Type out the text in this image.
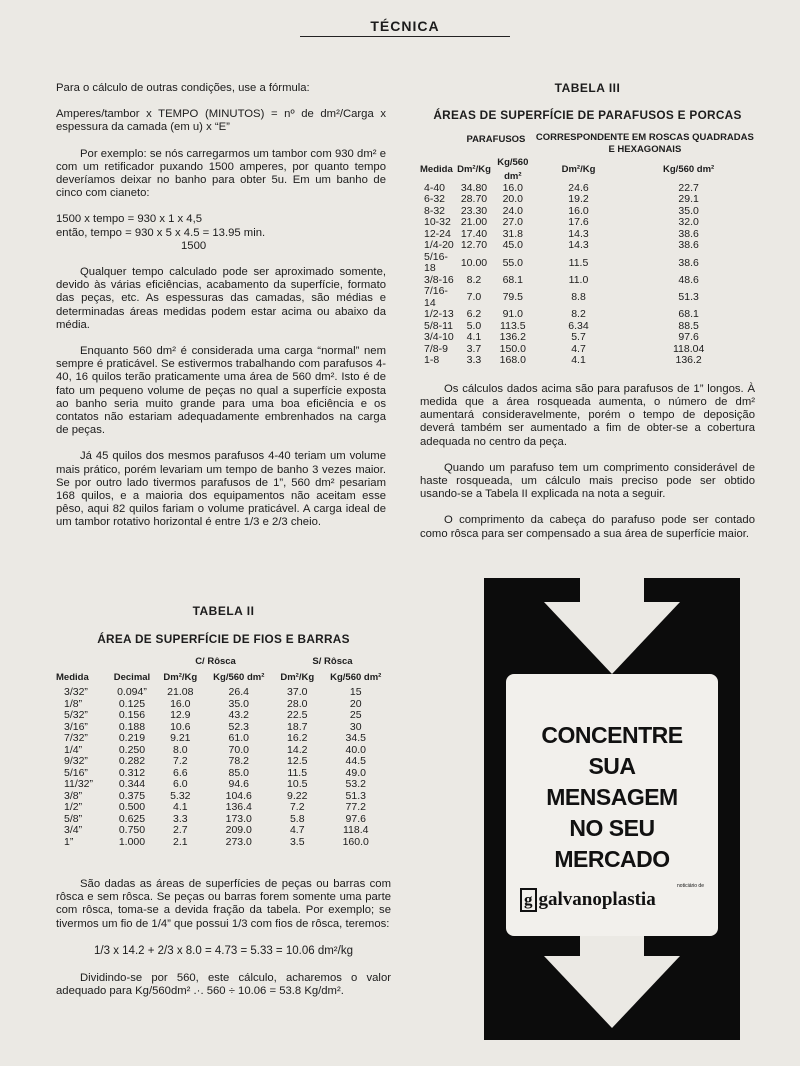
TÉCNICA

Para o cálculo de outras condições, use a fórmula:

Amperes/tambor x TEMPO (MINUTOS) = nº de dm²/Carga x espessura da camada (em u) x “E”

Por exemplo: se nós carregarmos um tambor com 930 dm² e com um retificador puxando 1500 amperes, por quanto tempo deveríamos deixar no banho para obter 5u. Em um banho de cinco com cianeto:

1500 x tempo = 930 x 1 x 4,5
então, tempo = 930 x 5 x 4.5 = 13.95 min.

1500

Qualquer tempo calculado pode ser aproximado somente, devido às várias eficiências, acabamento da superfície, formato das peças, etc. As espessuras das camadas, são médias e determinadas áreas medidas podem estar acima ou abaixo da média.

Enquanto 560 dm² é considerada uma carga “normal” nem sempre é praticável. Se estivermos trabalhando com parafusos 4-40, 16 quilos terão praticamente uma área de 560 dm². Isto é de fato um pequeno volume de peças no qual a superfície exposta ao banho seria muito grande para uma boa eficiência e os contatos não estariam adequadamente embrenhados na carga de peças.

Já 45 quilos dos mesmos parafusos 4-40 teriam um volume mais prático, porém levariam um tempo de banho 3 vezes maior. Se por outro lado tivermos parafusos de 1”, 560 dm² pesariam 168 quilos, e a maioria dos equipamentos não aceitam esse pêso, aqui 82 quilos fariam o volume praticável. A carga ideal de um tambor rotativo horizontal é entre 1/3 e 2/3 cheio.

TABELA III
ÁREAS DE SUPERFÍCIE DE PARAFUSOS E PORCAS
	PARAFUSOS		CORRESPONDENTE EM ROSCAS QUADRADAS E HEXAGONAIS	
Medida	Dm²/Kg	Kg/560 dm²	Dm²/Kg	Kg/560 dm²
4-40	34.80	16.0	24.6	22.7
6-32	28.70	20.0	19.2	29.1
8-32	23.30	24.0	16.0	35.0
10-32	21.00	27.0	17.6	32.0
12-24	17.40	31.8	14.3	38.6
1/4-20	12.70	45.0	14.3	38.6
5/16-18	10.00	55.0	11.5	38.6
3/8-16	8.2	68.1	11.0	48.6
7/16-14	7.0	79.5	8.8	51.3
1/2-13	6.2	91.0	8.2	68.1
5/8-11	5.0	113.5	6.34	88.5
3/4-10	4.1	136.2	5.7	97.6
7/8-9	3.7	150.0	4.7	118.04
1-8	3.3	168.0	4.1	136.2

Os cálculos dados acima são para parafusos de 1” longos. À medida que a área rosqueada aumenta, o número de dm² aumentará consideravelmente, porém o tempo de deposição deverá também ser aumentado a fim de obter-se a cobertura adequada no centro da peça.

Quando um parafuso tem um comprimento considerável de haste rosqueada, um cálculo mais preciso pode ser obtido usando-se a Tabela II explicada na nota a seguir.

O comprimento da cabeça do parafuso pode ser contado como rôsca para ser compensado a sua área de superfície maior.

TABELA II
ÁREA DE SUPERFÍCIE DE FIOS E BARRAS
		C/ Rôsca		S/ Rôsca	
Medida	Decimal	Dm²/Kg	Kg/560 dm²	Dm²/Kg	Kg/560 dm²
3/32”	0.094”	21.08	26.4	37.0	15
1/8”	0.125	16.0	35.0	28.0	20
5/32”	0.156	12.9	43.2	22.5	25
3/16”	0.188	10.6	52.3	18.7	30
7/32”	0.219	9.21	61.0	16.2	34.5
1/4”	0.250	8.0	70.0	14.2	40.0
9/32”	0.282	7.2	78.2	12.5	44.5
5/16”	0.312	6.6	85.0	11.5	49.0
11/32”	0.344	6.0	94.6	10.5	53.2
3/8”	0.375	5.32	104.6	9.22	51.3
1/2”	0.500	4.1	136.4	7.2	77.2
5/8”	0.625	3.3	173.0	5.8	97.6
3/4”	0.750	2.7	209.0	4.7	118.4
1”	1.000	2.1	273.0	3.5	160.0

São dadas as áreas de superfícies de peças ou barras com rôsca e sem rôsca. Se peças ou barras forem somente uma parte com rôsca, toma-se a devida fração da tabela. Por exemplo; se tivermos um fio de 1/4” que possui 1/3 com fios de rôsca, teremos:

1/3 x 14.2 + 2/3 x 8.0 = 4.73 = 5.33 = 10.06 dm²/kg

Dividindo-se por 560, este cálculo, acharemos o valor adequado para Kg/560dm² .·. 560 ÷ 10.06 = 53.8 Kg/dm².

CONCENTRE
SUA
MENSAGEM
NO SEU
MERCADO
noticiário de
g galvanoplastia
